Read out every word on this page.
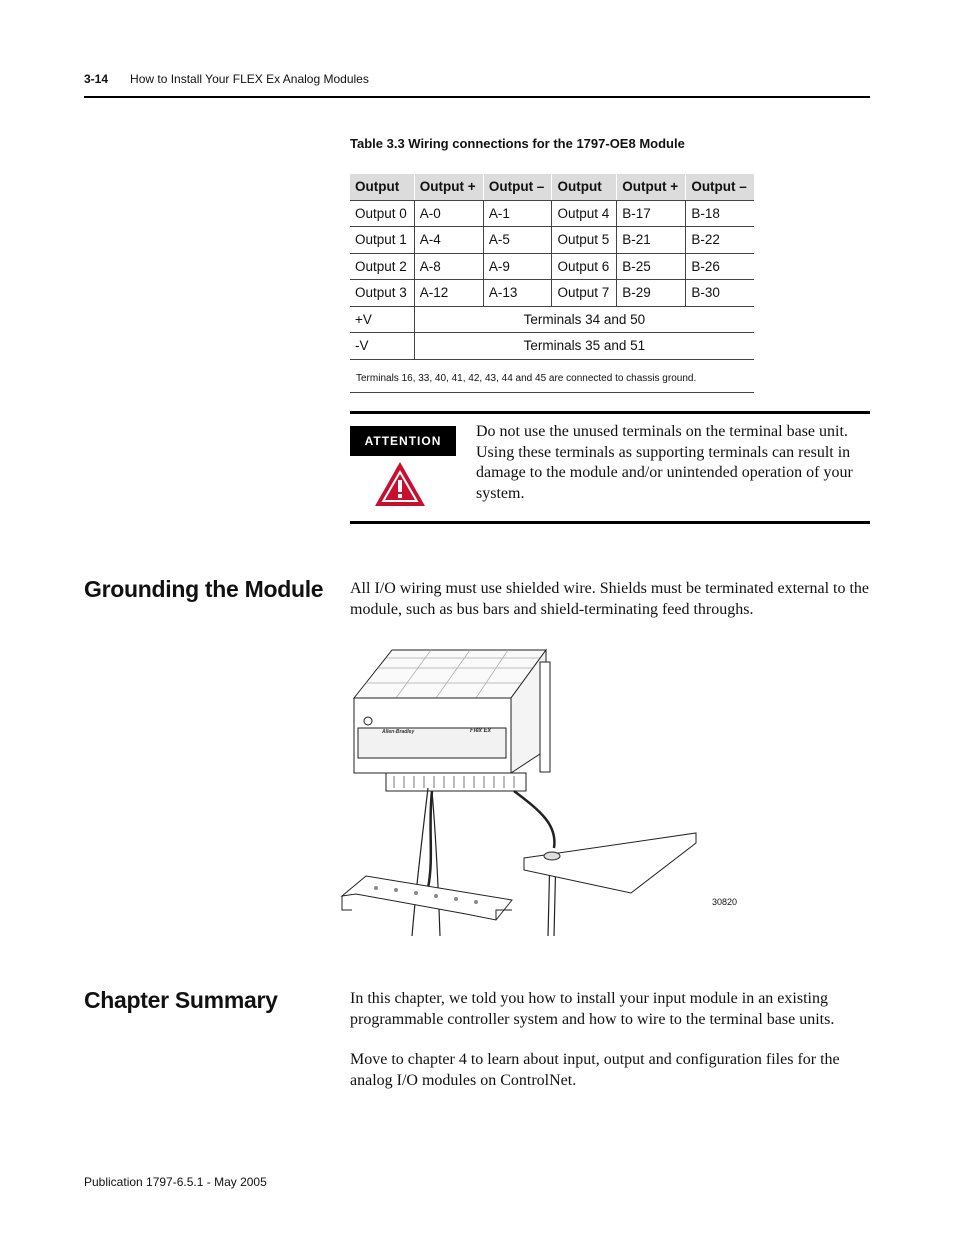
3-14 How to Install Your FLEX Ex Analog Modules
Table 3.3 Wiring connections for the 1797-OE8 Module
Output	Output +	Output –	Output	Output +	Output –
Output 0	A-0	A-1	Output 4	B-17	B-18
Output 1	A-4	A-5	Output 5	B-21	B-22
Output 2	A-8	A-9	Output 6	B-25	B-26
Output 3	A-12	A-13	Output 7	B-29	B-30
+V	Terminals 34 and 50				
-V	Terminals 35 and 51				
Terminals 16, 33, 40, 41, 42, 43, 44 and 45 are connected to chassis ground.
ATTENTION
Do not use the unused terminals on the terminal base unit. Using these terminals as supporting terminals can result in damage to the module and/or unintended operation of your system.
Grounding the Module All I/O wiring must use shielded wire. Shields must be terminated external to the module, such as bus bars and shield-terminating feed throughs.
Allen-Bradley	Flex Ex
30820
Chapter Summary	In this chapter, we told you how to install your input module in an existing programmable controller system and how to wire to the terminal base units.
Move to chapter 4 to learn about input, output and configuration files for the analog I/O modules on ControlNet.
Publication 1797-6.5.1 - May 2005
